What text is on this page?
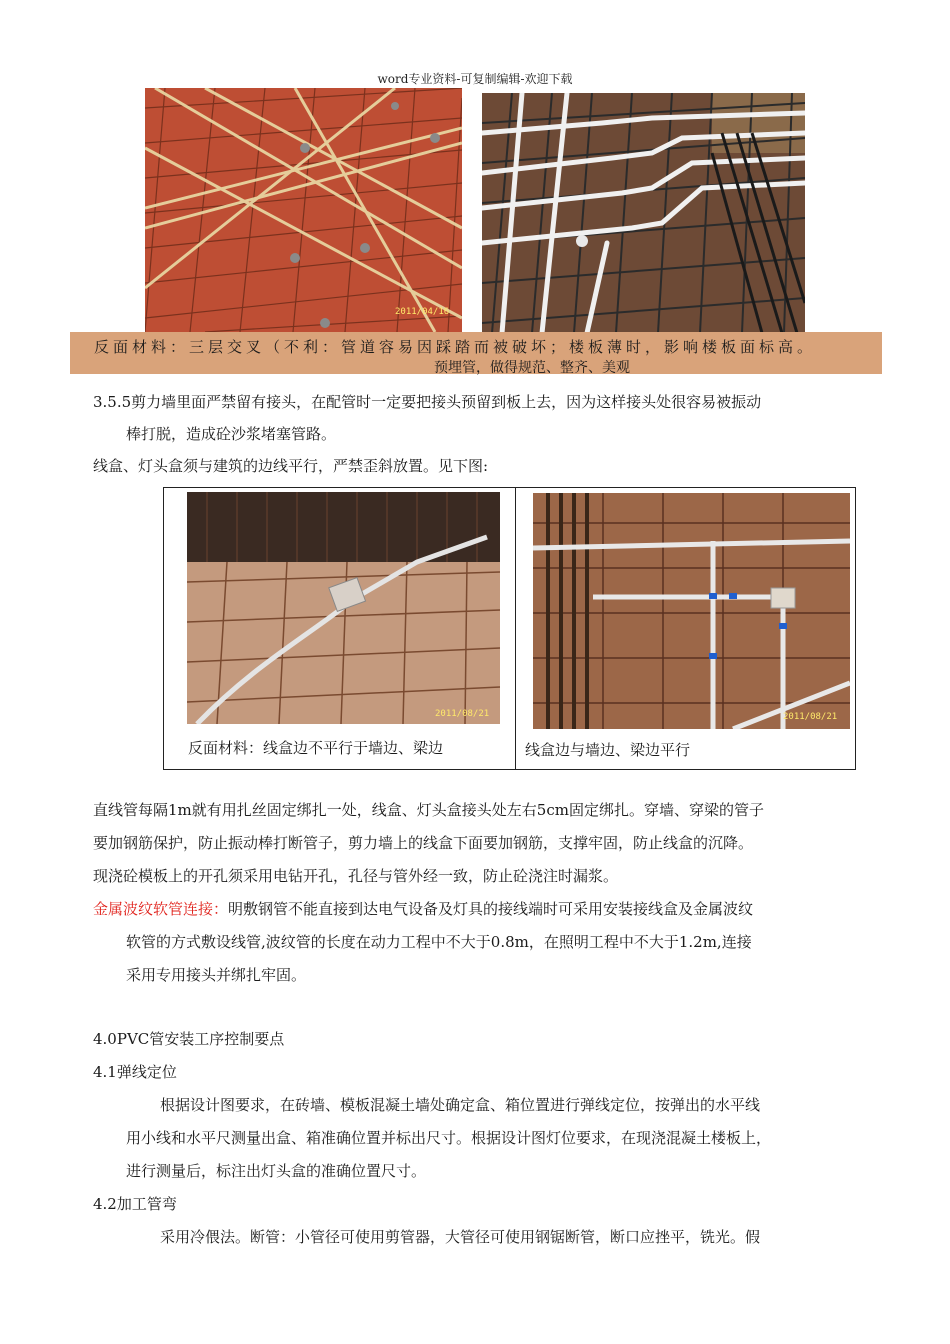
word专业资料-可复制编辑-欢迎下载
2011/04/16
反面材料：三层交叉（不利：管道容易因踩踏而被破坏；楼板薄时，影响楼板面标高。
预埋管，做得规范、整齐、美观
3.5.5剪力墙里面严禁留有接头，在配管时一定要把接头预留到板上去，因为这样接头处很容易被振动
棒打脱，造成砼沙浆堵塞管路。
线盒、灯头盒须与建筑的边线平行，严禁歪斜放置。见下图:
2011/08/21	2011/08/21
反面材料：线盒边不平行于墙边、梁边	线盒边与墙边、梁边平行
直线管每隔1m就有用扎丝固定绑扎一处，线盒、灯头盒接头处左右5cm固定绑扎。穿墙、穿梁的管子
要加钢筋保护，防止振动棒打断管子，剪力墙上的线盒下面要加钢筋，支撑牢固，防止线盒的沉降。
现浇砼模板上的开孔须采用电钻开孔，孔径与管外经一致，防止砼浇注时漏浆。
金属波纹软管连接：明敷钢管不能直接到达电气设备及灯具的接线端时可采用安装接线盒及金属波纹
软管的方式敷设线管,波纹管的长度在动力工程中不大于0.8m，在照明工程中不大于1.2m,连接
采用专用接头并绑扎牢固。
4.0PVC管安装工序控制要点
4.1弹线定位
根据设计图要求，在砖墙、模板混凝土墙处确定盒、箱位置进行弹线定位，按弹出的水平线
用小线和水平尺测量出盒、箱准确位置并标出尺寸。根据设计图灯位要求，在现浇混凝土楼板上，
进行测量后，标注出灯头盒的准确位置尺寸。
4.2加工管弯
采用冷偎法。断管：小管径可使用剪管器，大管径可使用钢锯断管，断口应挫平，铣光。假
